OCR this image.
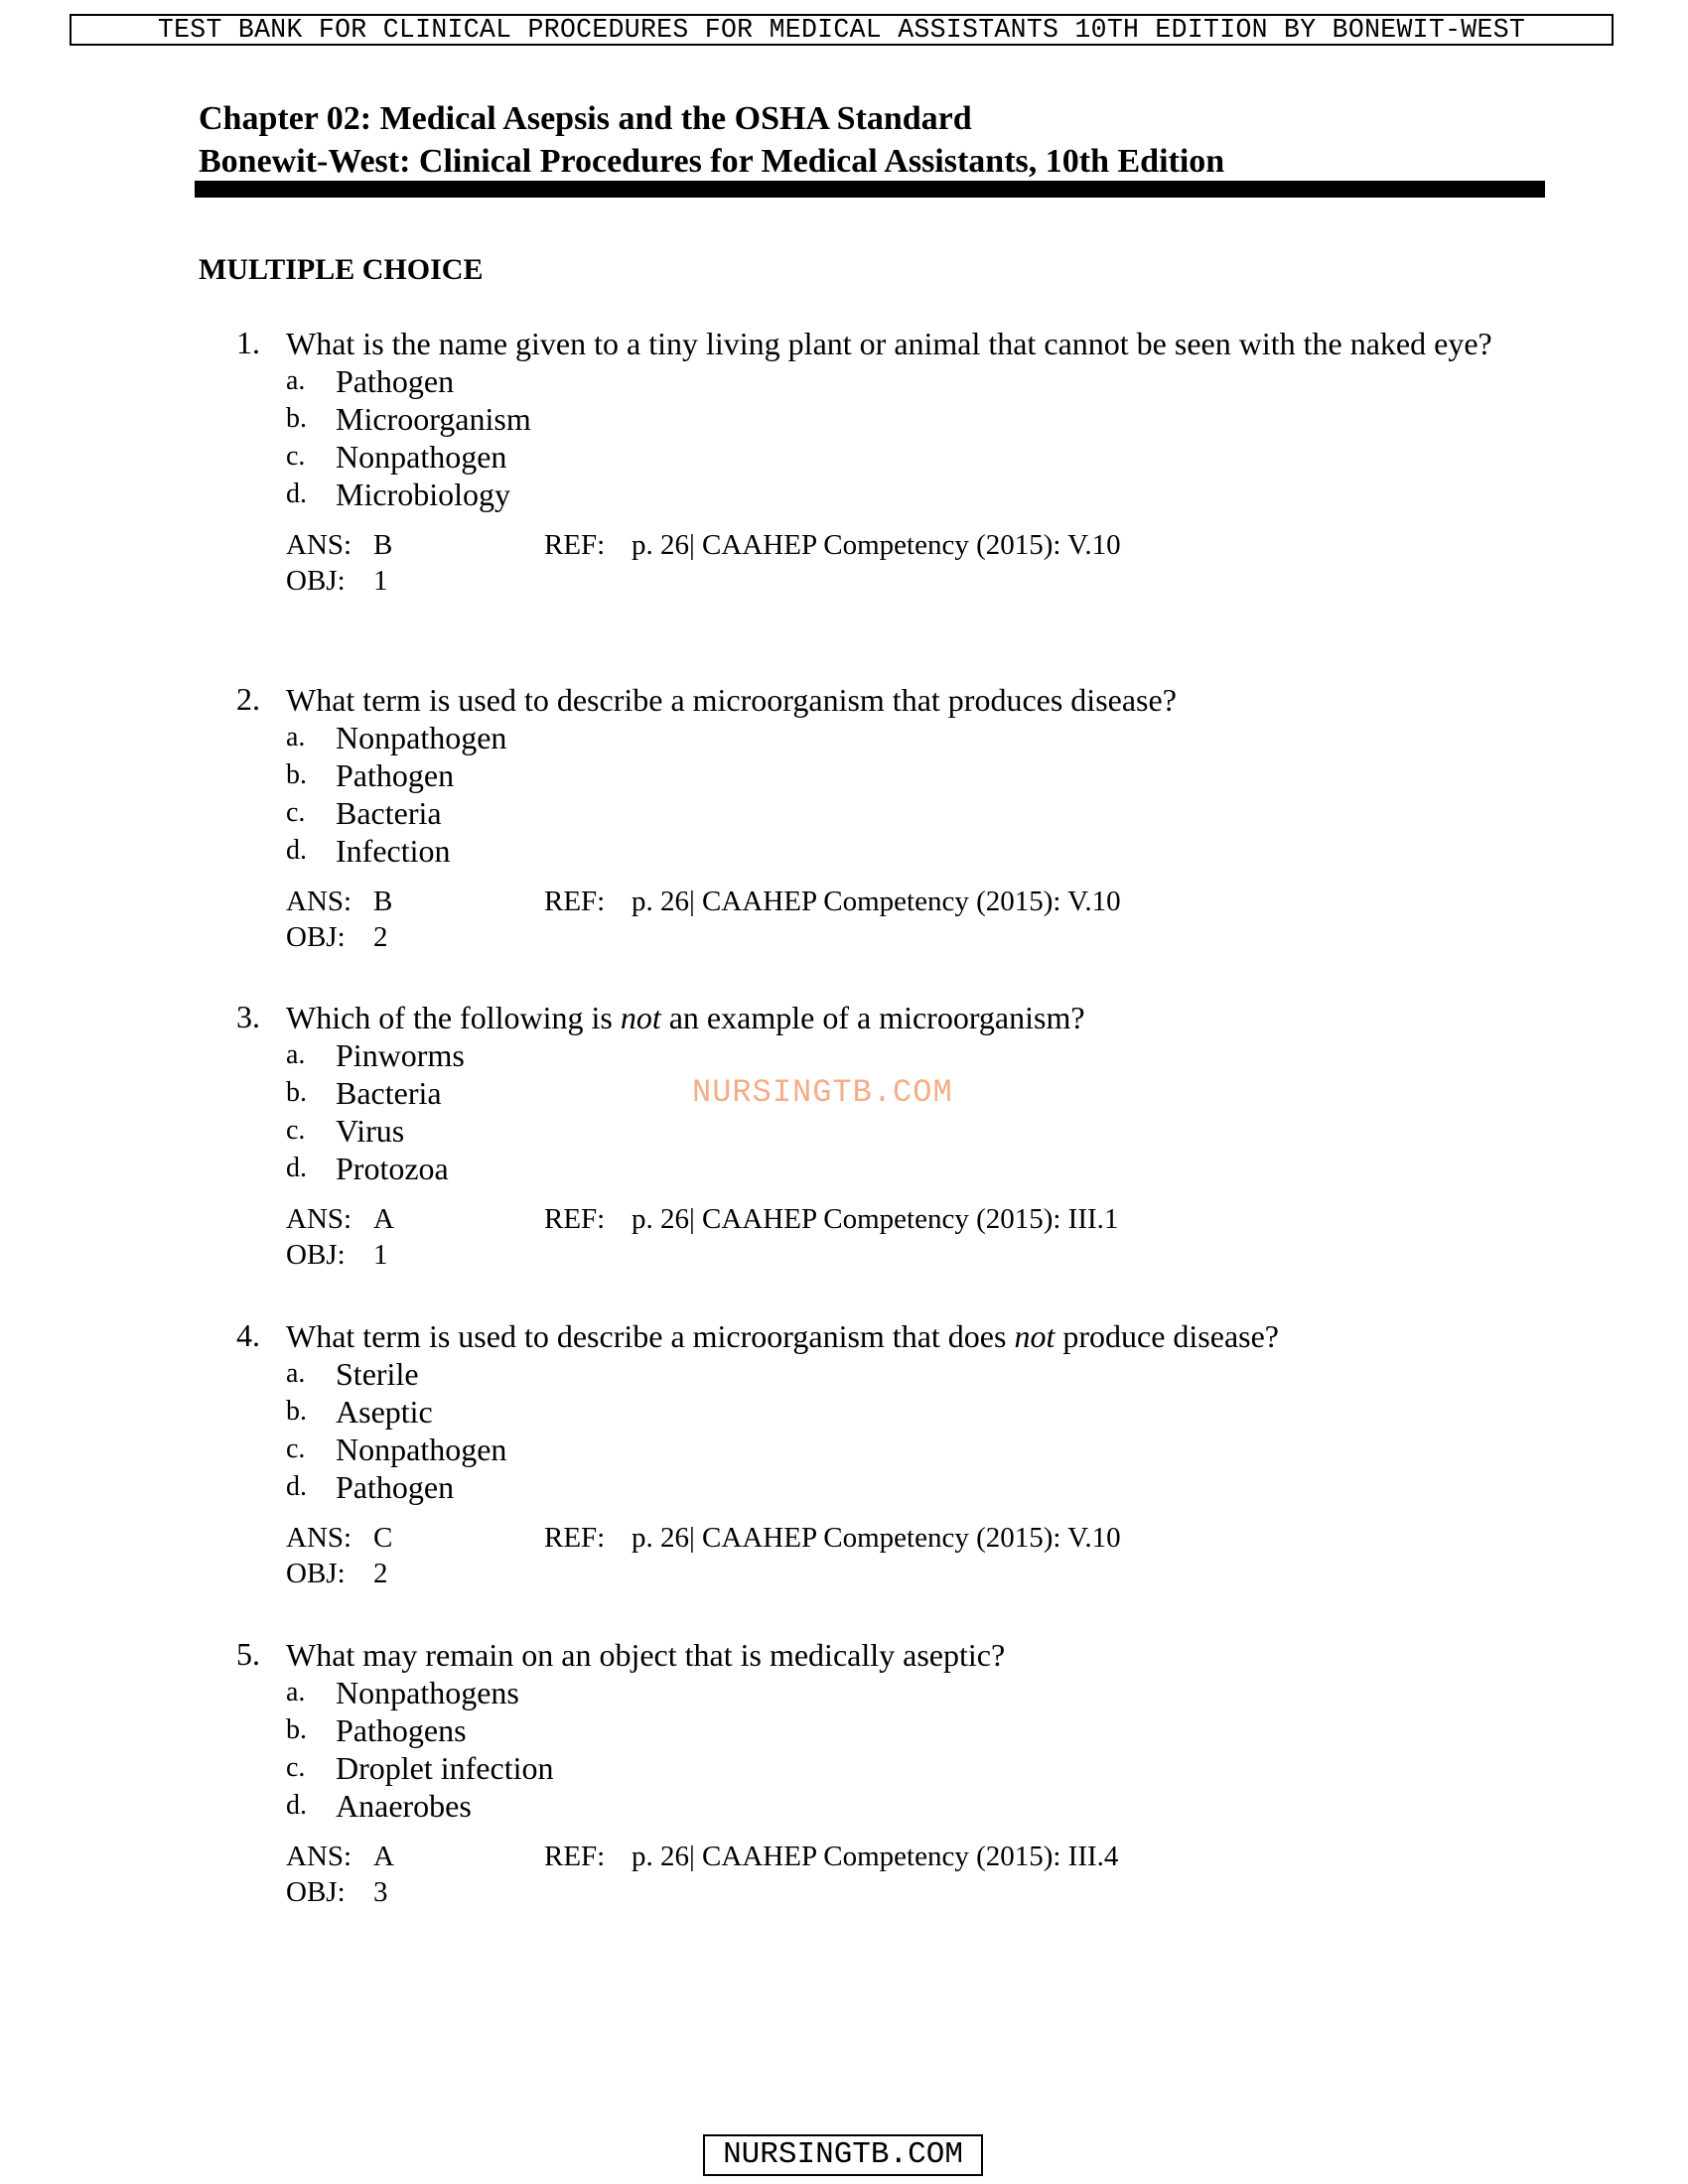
TEST BANK FOR CLINICAL PROCEDURES FOR MEDICAL ASSISTANTS 10TH EDITION BY BONEWIT-WEST
Chapter 02: Medical Asepsis and the OSHA Standard
Bonewit-West: Clinical Procedures for Medical Assistants, 10th Edition
MULTIPLE CHOICE
1. What is the name given to a tiny living plant or animal that cannot be seen with the naked eye?
a. Pathogen
b. Microorganism
c. Nonpathogen
d. Microbiology
ANS: B	REF: p. 26| CAAHEP Competency (2015): V.10
OBJ: 1
2. What term is used to describe a microorganism that produces disease?
a. Nonpathogen
b. Pathogen
c. Bacteria
d. Infection
ANS: B	REF: p. 26| CAAHEP Competency (2015): V.10
OBJ: 2
3. Which of the following is not an example of a microorganism?
a. Pinworms
b. Bacteria
c. Virus
d. Protozoa
ANS: A	REF: p. 26| CAAHEP Competency (2015): III.1
OBJ: 1
4. What term is used to describe a microorganism that does not produce disease?
a. Sterile
b. Aseptic
c. Nonpathogen
d. Pathogen
ANS: C	REF: p. 26| CAAHEP Competency (2015): V.10
OBJ: 2
5. What may remain on an object that is medically aseptic?
a. Nonpathogens
b. Pathogens
c. Droplet infection
d. Anaerobes
ANS: A	REF: p. 26| CAAHEP Competency (2015): III.4
OBJ: 3
NURSINGTB.COM
NURSINGTB.COM
